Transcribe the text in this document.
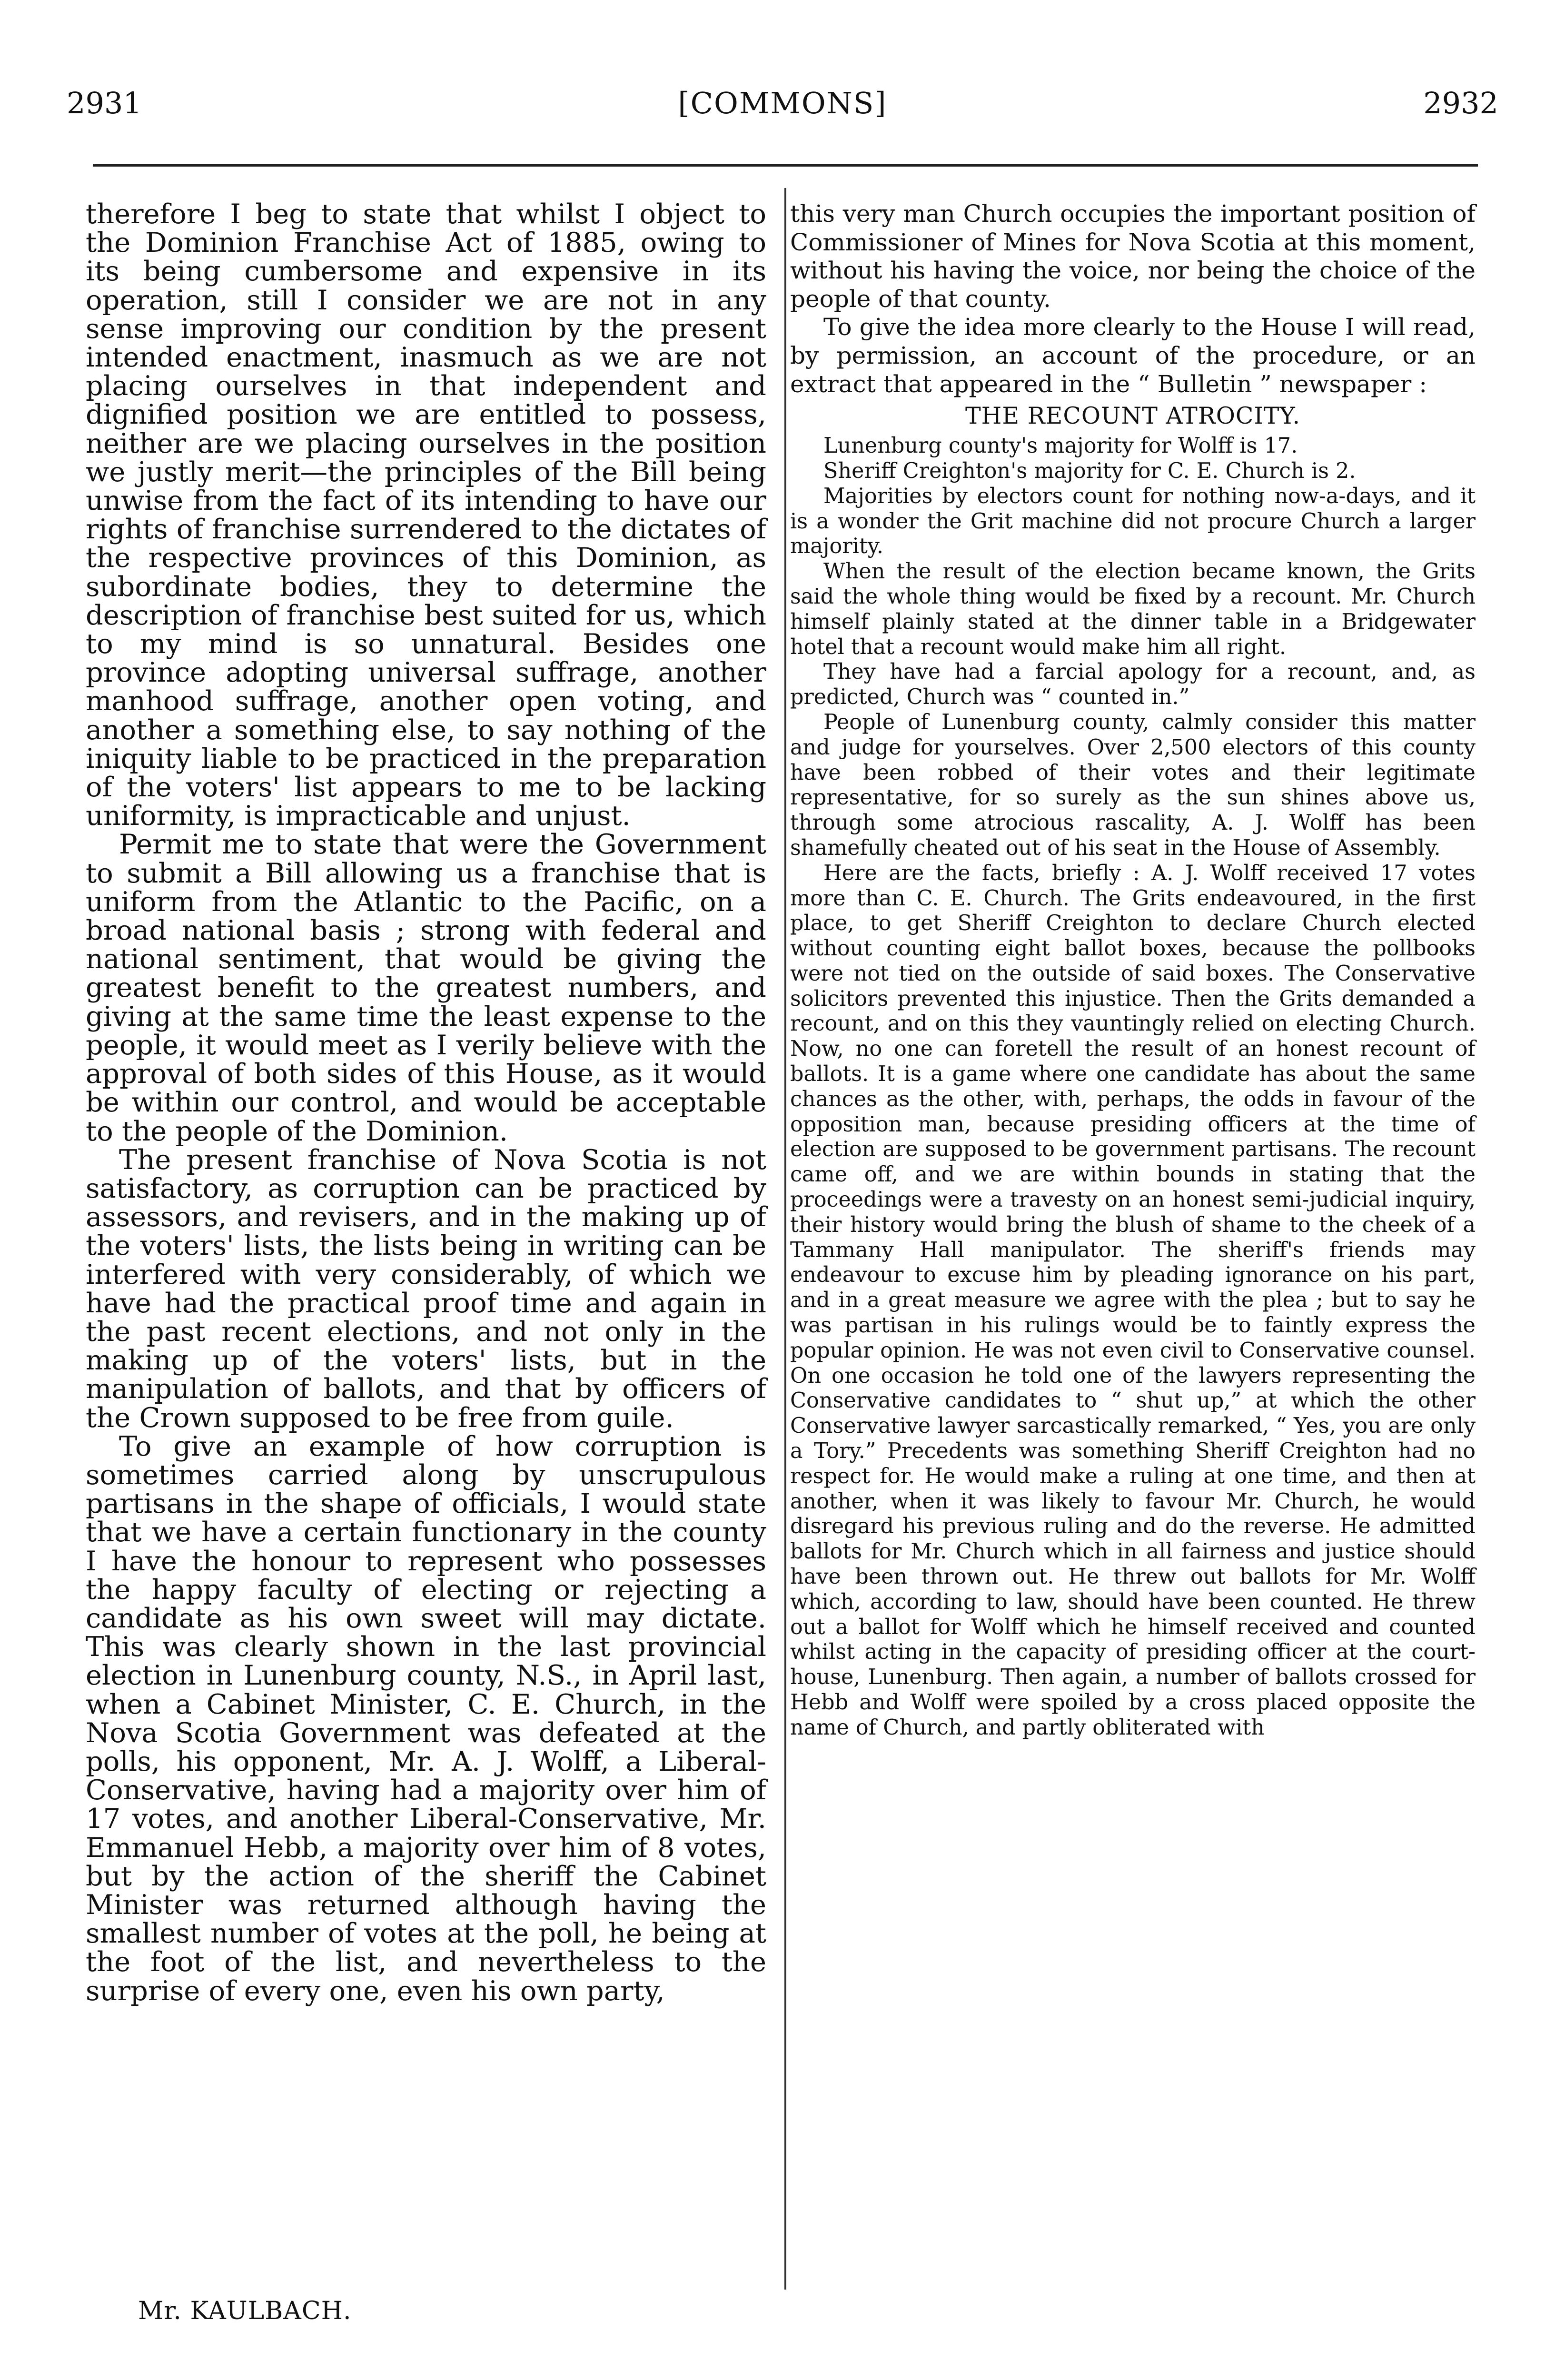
2931	[COMMONS]	2932

therefore I beg to state that whilst I object to the Dominion Franchise Act of 1885, owing to its being cumbersome and expensive in its operation, still I consider we are not in any sense improving our condition by the present intended enactment, inasmuch as we are not placing ourselves in that independent and dignified position we are entitled to possess, neither are we placing ourselves in the position we justly merit—the principles of the Bill being unwise from the fact of its intending to have our rights of franchise surrendered to the dictates of the respective provinces of this Dominion, as subordinate bodies, they to determine the description of franchise best suited for us, which to my mind is so unnatural. Besides one province adopting universal suffrage, another manhood suffrage, another open voting, and another a something else, to say nothing of the iniquity liable to be practiced in the preparation of the voters' list appears to me to be lacking uniformity, is impracticable and unjust.

Permit me to state that were the Government to submit a Bill allowing us a franchise that is uniform from the Atlantic to the Pacific, on a broad national basis ; strong with federal and national sentiment, that would be giving the greatest benefit to the greatest numbers, and giving at the same time the least expense to the people, it would meet as I verily believe with the approval of both sides of this House, as it would be within our control, and would be acceptable to the people of the Dominion.

The present franchise of Nova Scotia is not satisfactory, as corruption can be practiced by assessors, and revisers, and in the making up of the voters' lists, the lists being in writing can be interfered with very considerably, of which we have had the practical proof time and again in the past recent elections, and not only in the making up of the voters' lists, but in the manipulation of ballots, and that by officers of the Crown supposed to be free from guile.

To give an example of how corruption is sometimes carried along by unscrupulous partisans in the shape of officials, I would state that we have a certain functionary in the county I have the honour to represent who possesses the happy faculty of electing or rejecting a candidate as his own sweet will may dictate. This was clearly shown in the last provincial election in Lunenburg county, N.S., in April last, when a Cabinet Minister, C. E. Church, in the Nova Scotia Government was defeated at the polls, his opponent, Mr. A. J. Wolff, a Liberal-Conservative, having had a majority over him of 17 votes, and another Liberal-Conservative, Mr. Emmanuel Hebb, a majority over him of 8 votes, but by the action of the sheriff the Cabinet Minister was returned although having the smallest number of votes at the poll, he being at the foot of the list, and nevertheless to the surprise of every one, even his own party,

this very man Church occupies the important position of Commissioner of Mines for Nova Scotia at this moment, without his having the voice, nor being the choice of the people of that county.

To give the idea more clearly to the House I will read, by permission, an account of the procedure, or an extract that appeared in the “ Bulletin ” newspaper :

THE RECOUNT ATROCITY.

Lunenburg county's majority for Wolff is 17.

Sheriff Creighton's majority for C. E. Church is 2.

Majorities by electors count for nothing now-a-days, and it is a wonder the Grit machine did not procure Church a larger majority.

When the result of the election became known, the Grits said the whole thing would be fixed by a recount. Mr. Church himself plainly stated at the dinner table in a Bridgewater hotel that a recount would make him all right.

They have had a farcial apology for a recount, and, as predicted, Church was “ counted in.”

People of Lunenburg county, calmly consider this matter and judge for yourselves. Over 2,500 electors of this county have been robbed of their votes and their legitimate representative, for so surely as the sun shines above us, through some atrocious rascality, A. J. Wolff has been shamefully cheated out of his seat in the House of Assembly.

Here are the facts, briefly : A. J. Wolff received 17 votes more than C. E. Church. The Grits endeavoured, in the first place, to get Sheriff Creighton to declare Church elected without counting eight ballot boxes, because the pollbooks were not tied on the outside of said boxes. The Conservative solicitors prevented this injustice. Then the Grits demanded a recount, and on this they vauntingly relied on electing Church. Now, no one can foretell the result of an honest recount of ballots. It is a game where one candidate has about the same chances as the other, with, perhaps, the odds in favour of the opposition man, because presiding officers at the time of election are supposed to be government partisans. The recount came off, and we are within bounds in stating that the proceedings were a travesty on an honest semi-judicial inquiry, their history would bring the blush of shame to the cheek of a Tammany Hall manipulator. The sheriff's friends may endeavour to excuse him by pleading ignorance on his part, and in a great measure we agree with the plea ; but to say he was partisan in his rulings would be to faintly express the popular opinion. He was not even civil to Conservative counsel. On one occasion he told one of the lawyers representing the Conservative candidates to “ shut up,” at which the other Conservative lawyer sarcastically remarked, “ Yes, you are only a Tory.” Precedents was something Sheriff Creighton had no respect for. He would make a ruling at one time, and then at another, when it was likely to favour Mr. Church, he would disregard his previous ruling and do the reverse. He admitted ballots for Mr. Church which in all fairness and justice should have been thrown out. He threw out ballots for Mr. Wolff which, according to law, should have been counted. He threw out a ballot for Wolff which he himself received and counted whilst acting in the capacity of presiding officer at the court-house, Lunenburg. Then again, a number of ballots crossed for Hebb and Wolff were spoiled by a cross placed opposite the name of Church, and partly obliterated with

Mr. KAULBACH.
